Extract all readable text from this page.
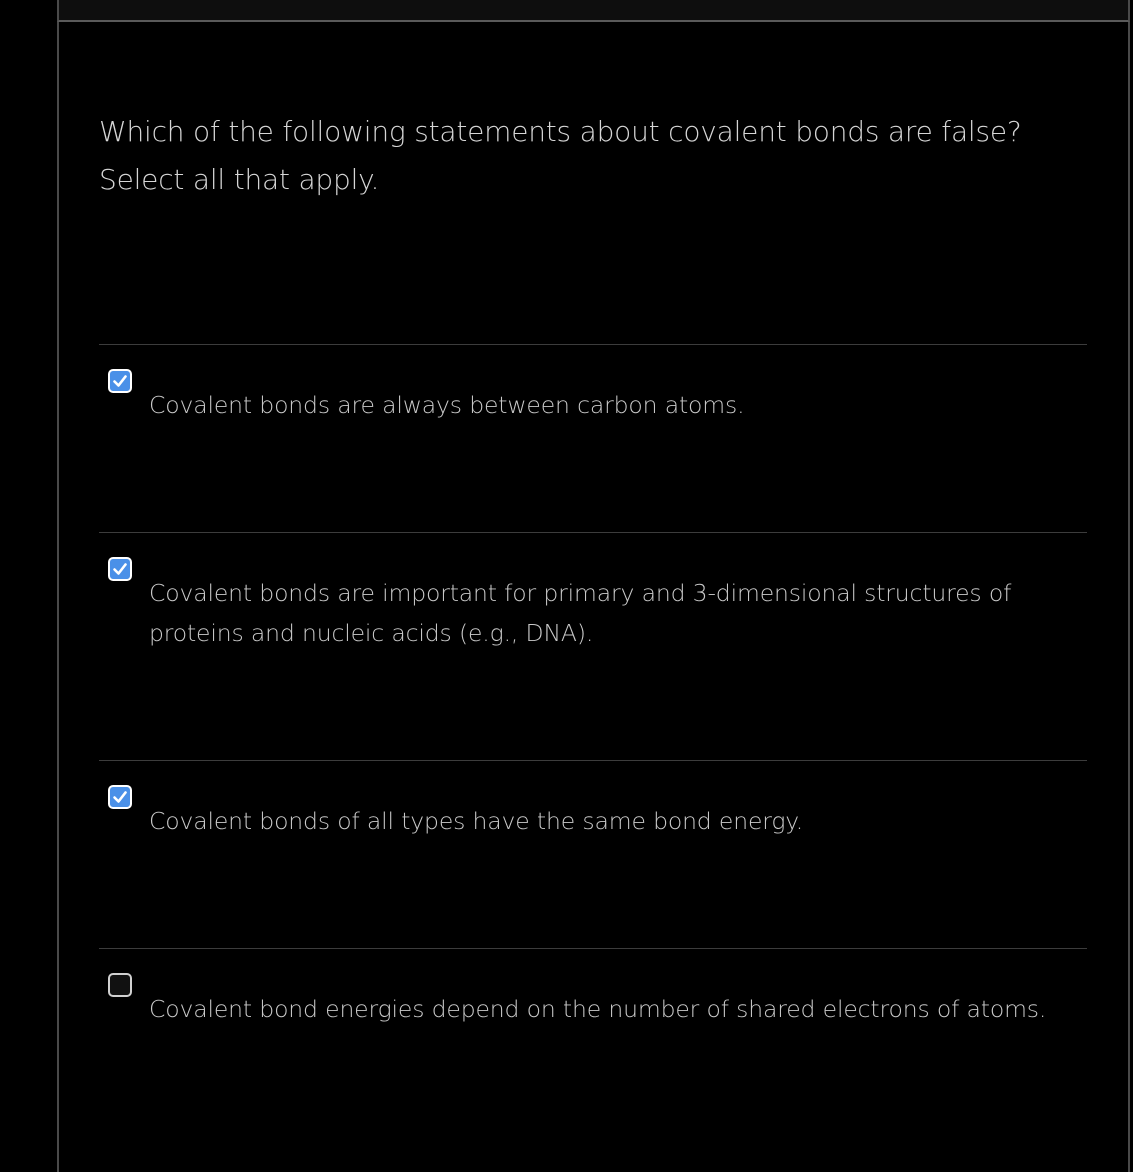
Which of the following statements about covalent bonds are false?
Select all that apply.
Covalent bonds are always between carbon atoms.
Covalent bonds are important for primary and 3-dimensional structures of proteins and nucleic acids (e.g., DNA).
Covalent bonds of all types have the same bond energy.
Covalent bond energies depend on the number of shared electrons of atoms.
